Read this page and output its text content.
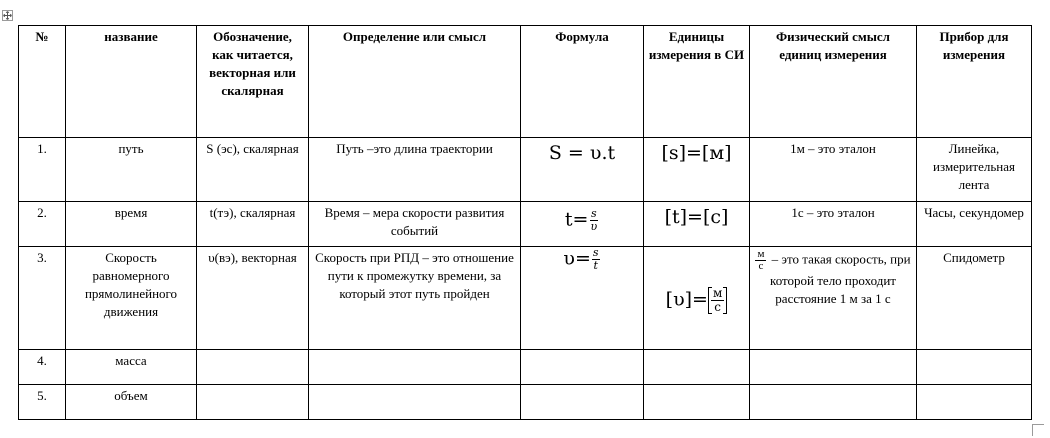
№	название	Обозначение, как читается, векторная или скалярная	Определение или смысл	Формула	Единицы измерения в СИ	Физический смысл единиц измерения	Прибор для измерения
1.	путь	S (эс), скалярная	Путь –это длина траектории	S = υ.t	[s]=[м]	1м – это эталон	Линейка, измерительная лента
2.	время	t(тэ), скалярная	Время – мера скорости развития событий	$t= \frac{s}{\upsilon}$	[t]=[c]	1с – это эталон	Часы, секундомер
3.	Скорость равномерного прямолинейного движения	υ(вэ), векторная	Скорость при РПД – это отношение пути к промежутку времени, за который этот путь пройден	$\upsilon= \frac{s}{t}$	$[\upsilon]= \frac{м}{с}$	$\frac{м}{с}$ – это такая скорость, при которой тело проходит расстояние 1 м за 1 с	Спидометр
4.	масса						
5.	объем						
